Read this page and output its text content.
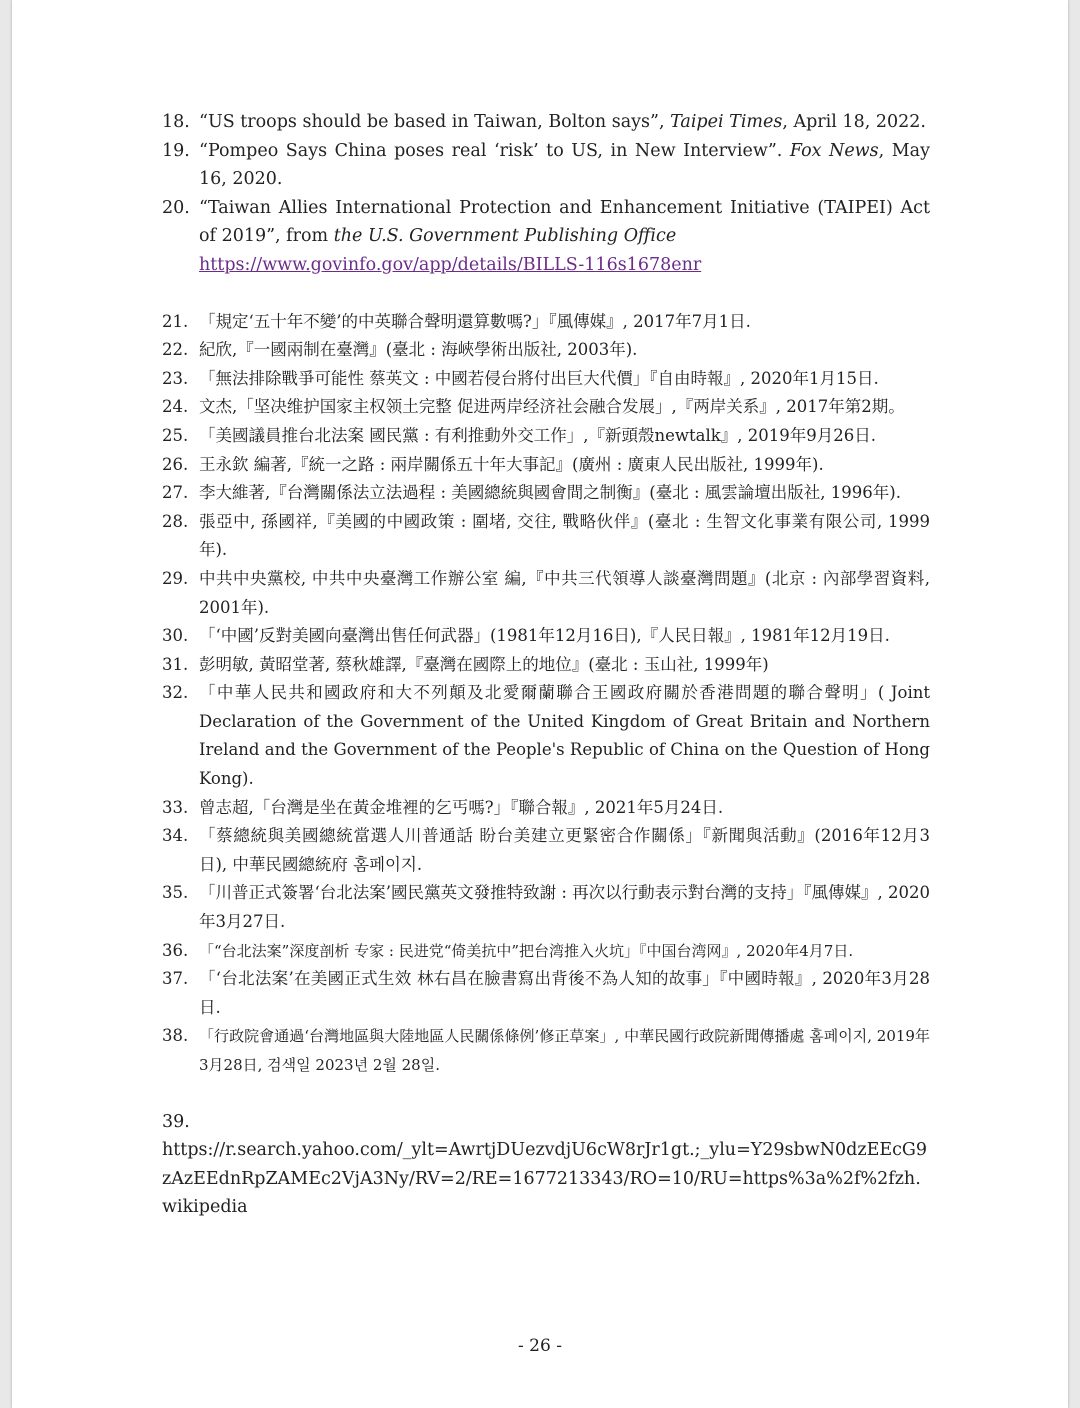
18. “US troops should be based in Taiwan, Bolton says”, Taipei Times, April 18, 2022.
19. “Pompeo Says China poses real ‘risk’ to US, in New Interview”. Fox News, May 16, 2020.
20. “Taiwan Allies International Protection and Enhancement Initiative (TAIPEI) Act of 2019”, from the U.S. Government Publishing Office
https://www.govinfo.gov/app/details/BILLS-116s1678enr
21. 「規定‘五十年不變’的中英聯合聲明還算數嗎?」『風傳媒』, 2017年7月1日.
22. 紀欣,『一國兩制在臺灣』(臺北 : 海峽學術出版社, 2003年).
23. 「無法排除戰爭可能性 蔡英文 : 中國若侵台將付出巨大代價」『自由時報』, 2020年1月15日.
24. 文杰,「坚决维护国家主权领土完整 促进两岸经济社会融合发展」,『两岸关系』, 2017年第2期。
25. 「美國議員推台北法案 國民黨 : 有利推動外交工作」,『新頭殼newtalk』, 2019年9月26日.
26. 王永欽 編著,『統一之路 : 兩岸關係五十年大事記』(廣州 : 廣東人民出版社, 1999年).
27. 李大維著,『台灣關係法立法過程 : 美國總統與國會間之制衡』(臺北 : 風雲論壇出版社, 1996年).
28. 張亞中, 孫國祥,『美國的中國政策 : 圍堵, 交往, 戰略伙伴』(臺北 : 生智文化事業有限公司, 1999年).
29. 中共中央黨校, 中共中央臺灣工作辦公室 編,『中共三代領導人談臺灣問題』(北京 : 內部學習資料, 2001年).
30. 「‘中國’反對美國向臺灣出售任何武器」(1981年12月16日),『人民日報』, 1981年12月19日.
31. 彭明敏, 黃昭堂著, 蔡秋雄譯,『臺灣在國際上的地位』(臺北 : 玉山社, 1999年)
32. 「中華人民共和國政府和大不列顛及北愛爾蘭聯合王國政府關於香港問題的聯合聲明」( Joint Declaration of the Government of the United Kingdom of Great Britain and Northern Ireland and the Government of the People's Republic of China on the Question of Hong Kong).
33. 曾志超,「台灣是坐在黃金堆裡的乞丐嗎?」『聯合報』, 2021年5月24日.
34. 「蔡總統與美國總統當選人川普通話 盼台美建立更緊密合作關係」『新聞與活動』(2016年12月3日), 中華民國總統府 홈페이지.
35. 「川普正式簽署‘台北法案’國民黨英文發推特致謝 : 再次以行動表示對台灣的支持」『風傳媒』, 2020年3月27日.
36. 「“台北法案”深度剖析 专家 : 民进党“倚美抗中”把台湾推入火坑」『中国台湾网』, 2020年4月7日.
37. 「‘台北法案’在美國正式生效 林右昌在臉書寫出背後不為人知的故事」『中國時報』, 2020年3月28日.
38. 「行政院會通過‘台灣地區與大陸地區人民關係條例’修正草案」, 中華民國行政院新聞傳播處 홈페이지, 2019年3月28日, 검색일 2023년 2월 28일.
39.
https://r.search.yahoo.com/_ylt=AwrtjDUezvdjU6cW8rJr1gt.;_ylu=Y29sbwN0dzEEcG9zAzEEdnRpZAMEc2VjA3Ny/RV=2/RE=1677213343/RO=10/RU=https%3a%2f%2fzh.wikipedia
- 26 -
